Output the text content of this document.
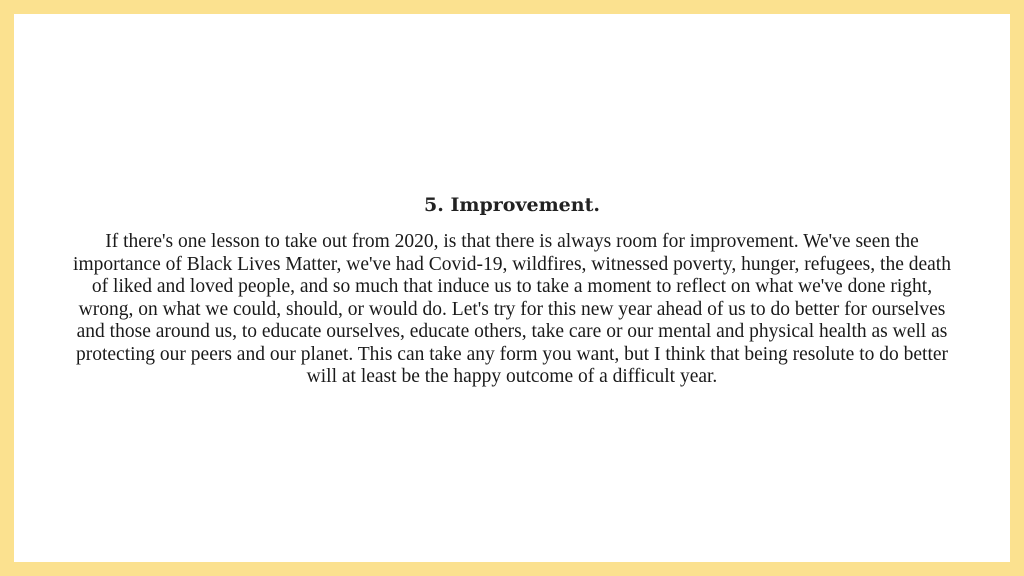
5. Improvement.

If there's one lesson to take out from 2020, is that there is always room for improvement. We've seen the importance of Black Lives Matter, we've had Covid-19, wildfires, witnessed poverty, hunger, refugees, the death of liked and loved people, and so much that induce us to take a moment to reflect on what we've done right, wrong, on what we could, should, or would do. Let's try for this new year ahead of us to do better for ourselves and those around us, to educate ourselves, educate others, take care or our mental and physical health as well as protecting our peers and our planet. This can take any form you want, but I think that being resolute to do better will at least be the happy outcome of a difficult year.
